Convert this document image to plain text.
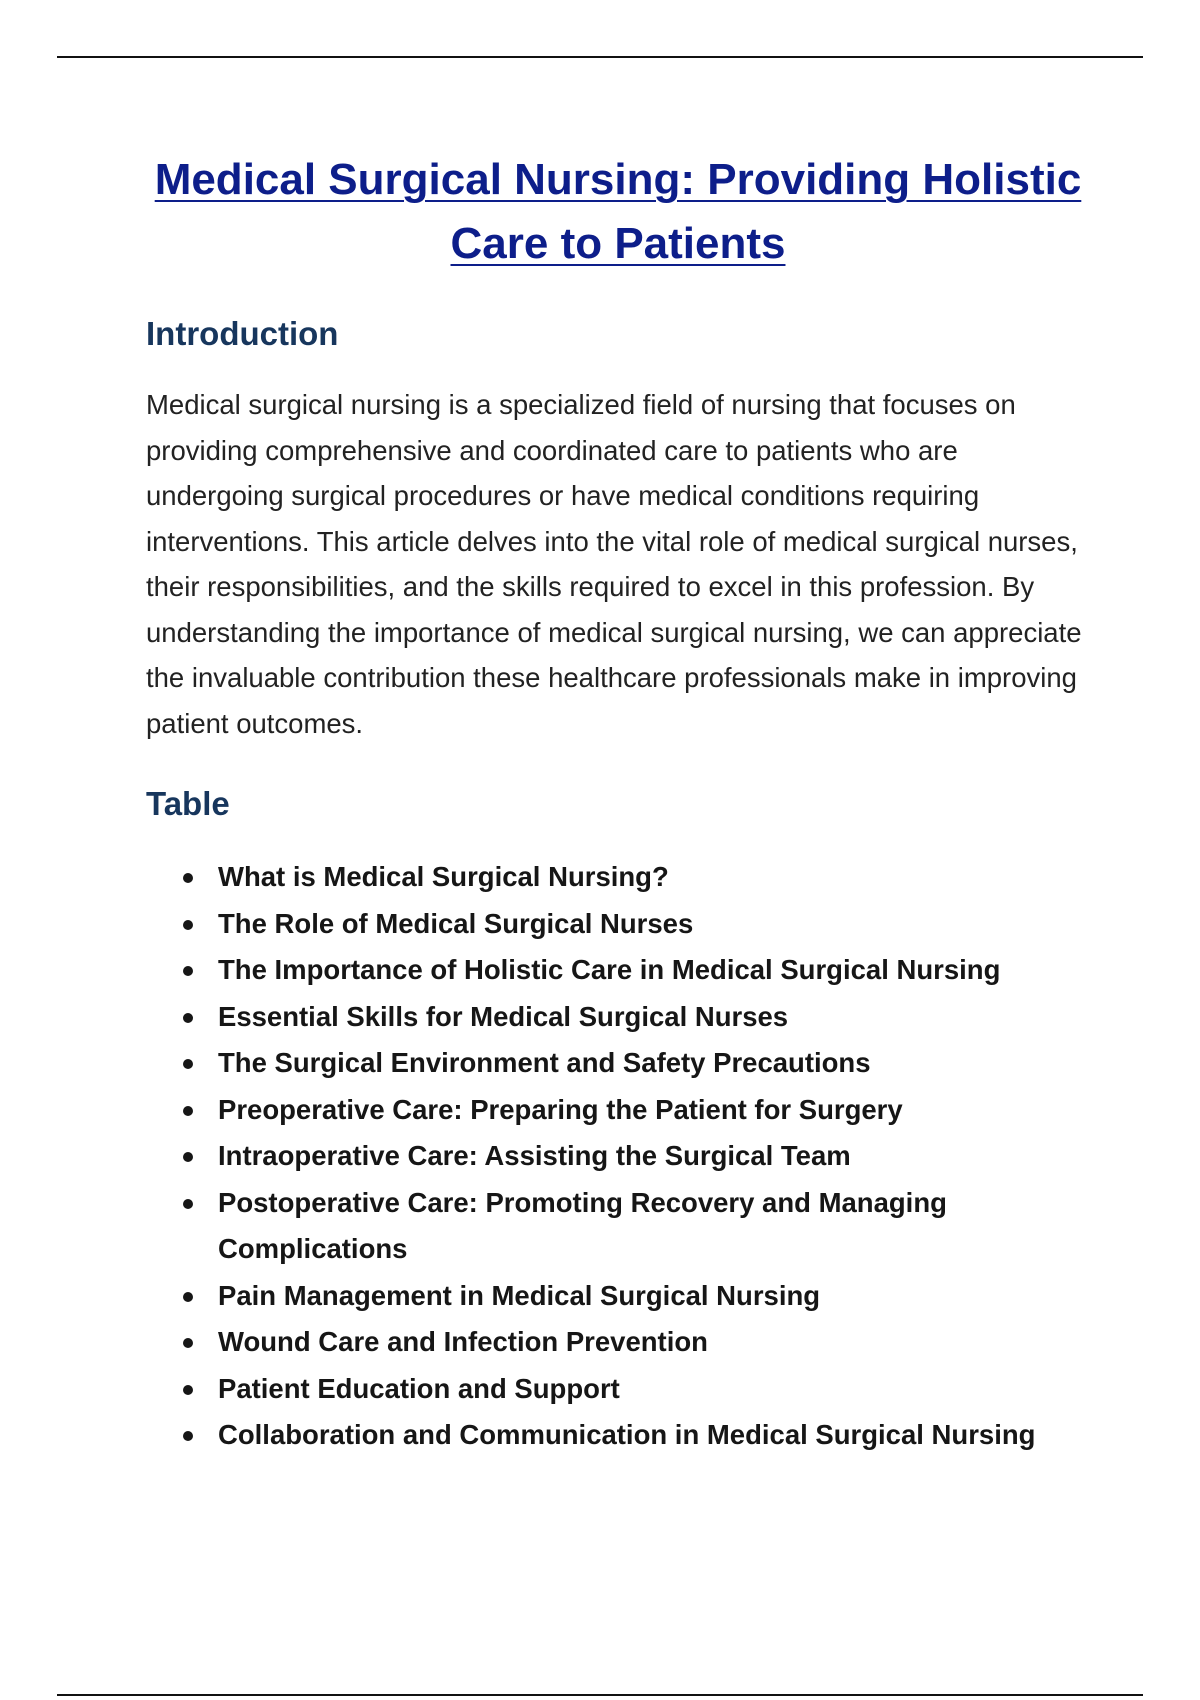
Medical Surgical Nursing: Providing Holistic Care to Patients
Introduction

Medical surgical nursing is a specialized field of nursing that focuses on providing comprehensive and coordinated care to patients who are undergoing surgical procedures or have medical conditions requiring interventions. This article delves into the vital role of medical surgical nurses, their responsibilities, and the skills required to excel in this profession. By understanding the importance of medical surgical nursing, we can appreciate the invaluable contribution these healthcare professionals make in improving patient outcomes.

Table
What is Medical Surgical Nursing?
The Role of Medical Surgical Nurses
The Importance of Holistic Care in Medical Surgical Nursing
Essential Skills for Medical Surgical Nurses
The Surgical Environment and Safety Precautions
Preoperative Care: Preparing the Patient for Surgery
Intraoperative Care: Assisting the Surgical Team
Postoperative Care: Promoting Recovery and Managing Complications
Pain Management in Medical Surgical Nursing
Wound Care and Infection Prevention
Patient Education and Support
Collaboration and Communication in Medical Surgical Nursing
